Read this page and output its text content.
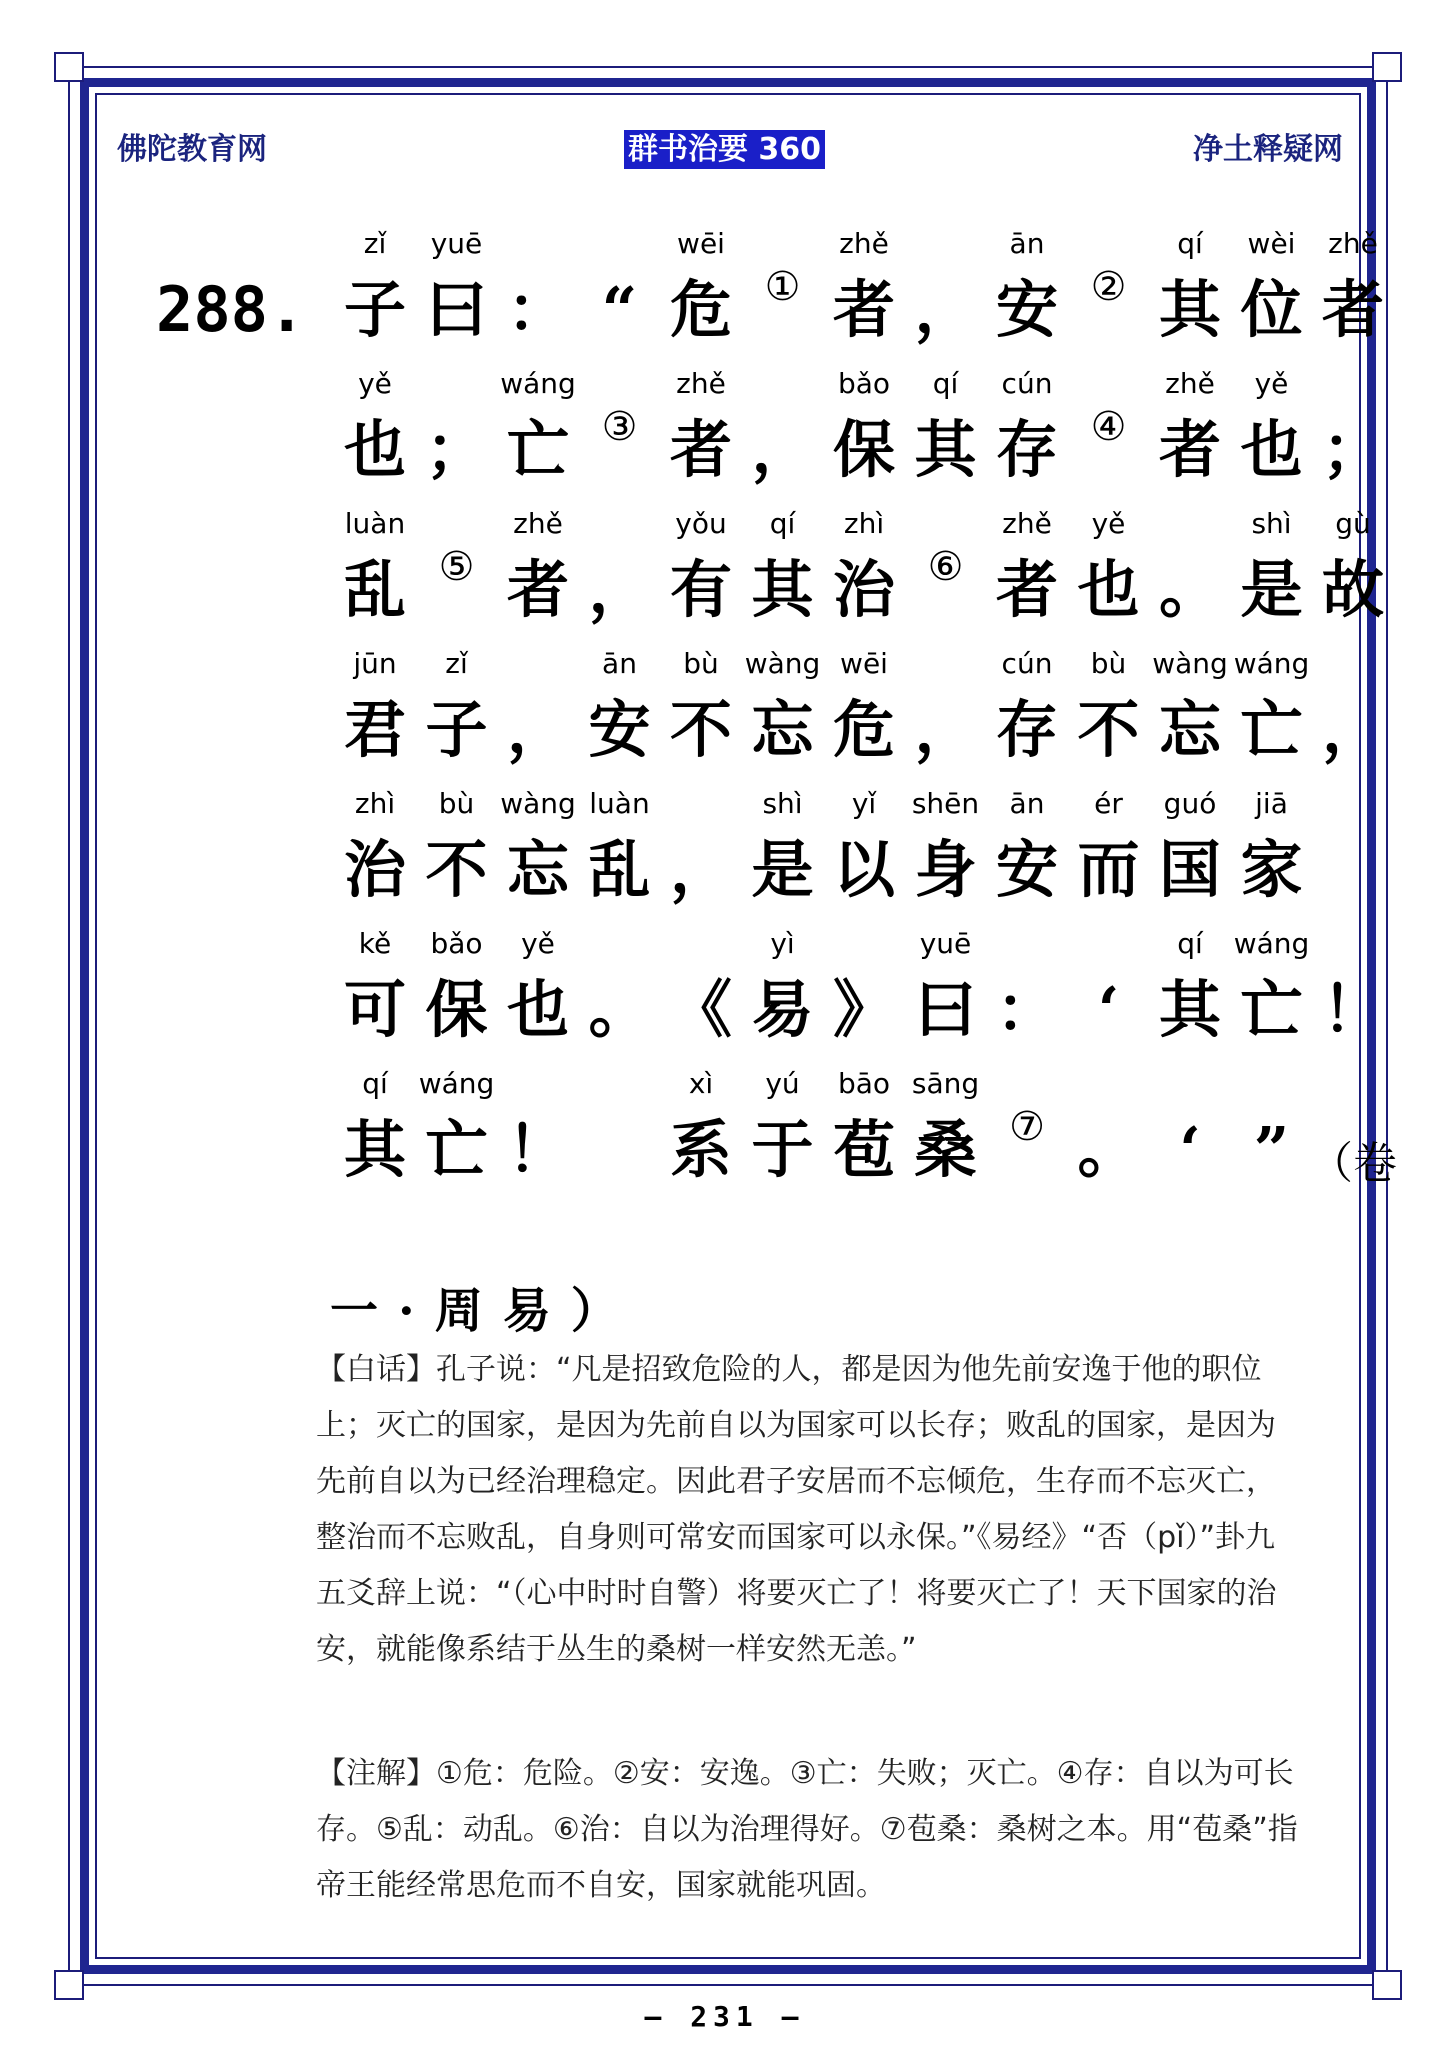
佛陀教育网	群书治要 360	净土释疑网
288.
zǐ
子
yuē
曰 ： “
wēi
危 ①
zhě
者 ，
ān
安 ②
qí
其
wèi
位
zhě
者
yě
也 ；
wáng
亡 ③
zhě
者 ，
bǎo
保
qí
其
cún
存 ④
zhě
者
yě
也 ；
luàn
乱 ⑤
zhě
者 ，
yǒu
有
qí
其
zhì
治 ⑥
zhě
者
yě
也 。
shì
是
gù
故
jūn
君
zǐ
子 ，
ān
安
bù
不
wàng
忘
wēi
危 ，
cún
存
bù
不
wàng
忘
wáng
亡 ，
zhì
治
bù
不
wàng
忘
luàn
乱 ，
shì
是
yǐ
以
shēn
身
ān
安
ér
而
guó
国
jiā
家
kě
可
bǎo
保
yě
也 。 《
yì
易 》
yuē
曰 ： ‘
qí
其
wáng
亡 ！
qí
其
wáng
亡 ！
xì
系
yú
于
bāo
苞
sāng
桑 ⑦ 。 ‘ ” （卷
一·周易）

【白话】孔子说：“凡是招致危险的人，都是因为他先前安逸于他的职位上；灭亡的国家，是因为先前自以为国家可以长存；败乱的国家，是因为先前自以为已经治理稳定。因此君子安居而不忘倾危，生存而不忘灭亡，整治而不忘败乱，自身则可常安而国家可以永保。”《易经》“否（pǐ）”卦九五爻辞上说：“（心中时时自警）将要灭亡了！将要灭亡了！天下国家的治安，就能像系结于丛生的桑树一样安然无恙。”

【注解】①危：危险。②安：安逸。③亡：失败；灭亡。④存：自以为可长存。⑤乱：动乱。⑥治：自以为治理得好。⑦苞桑：桑树之本。用“苞桑”指帝王能经常思危而不自安，国家就能巩固。

– 231 –
